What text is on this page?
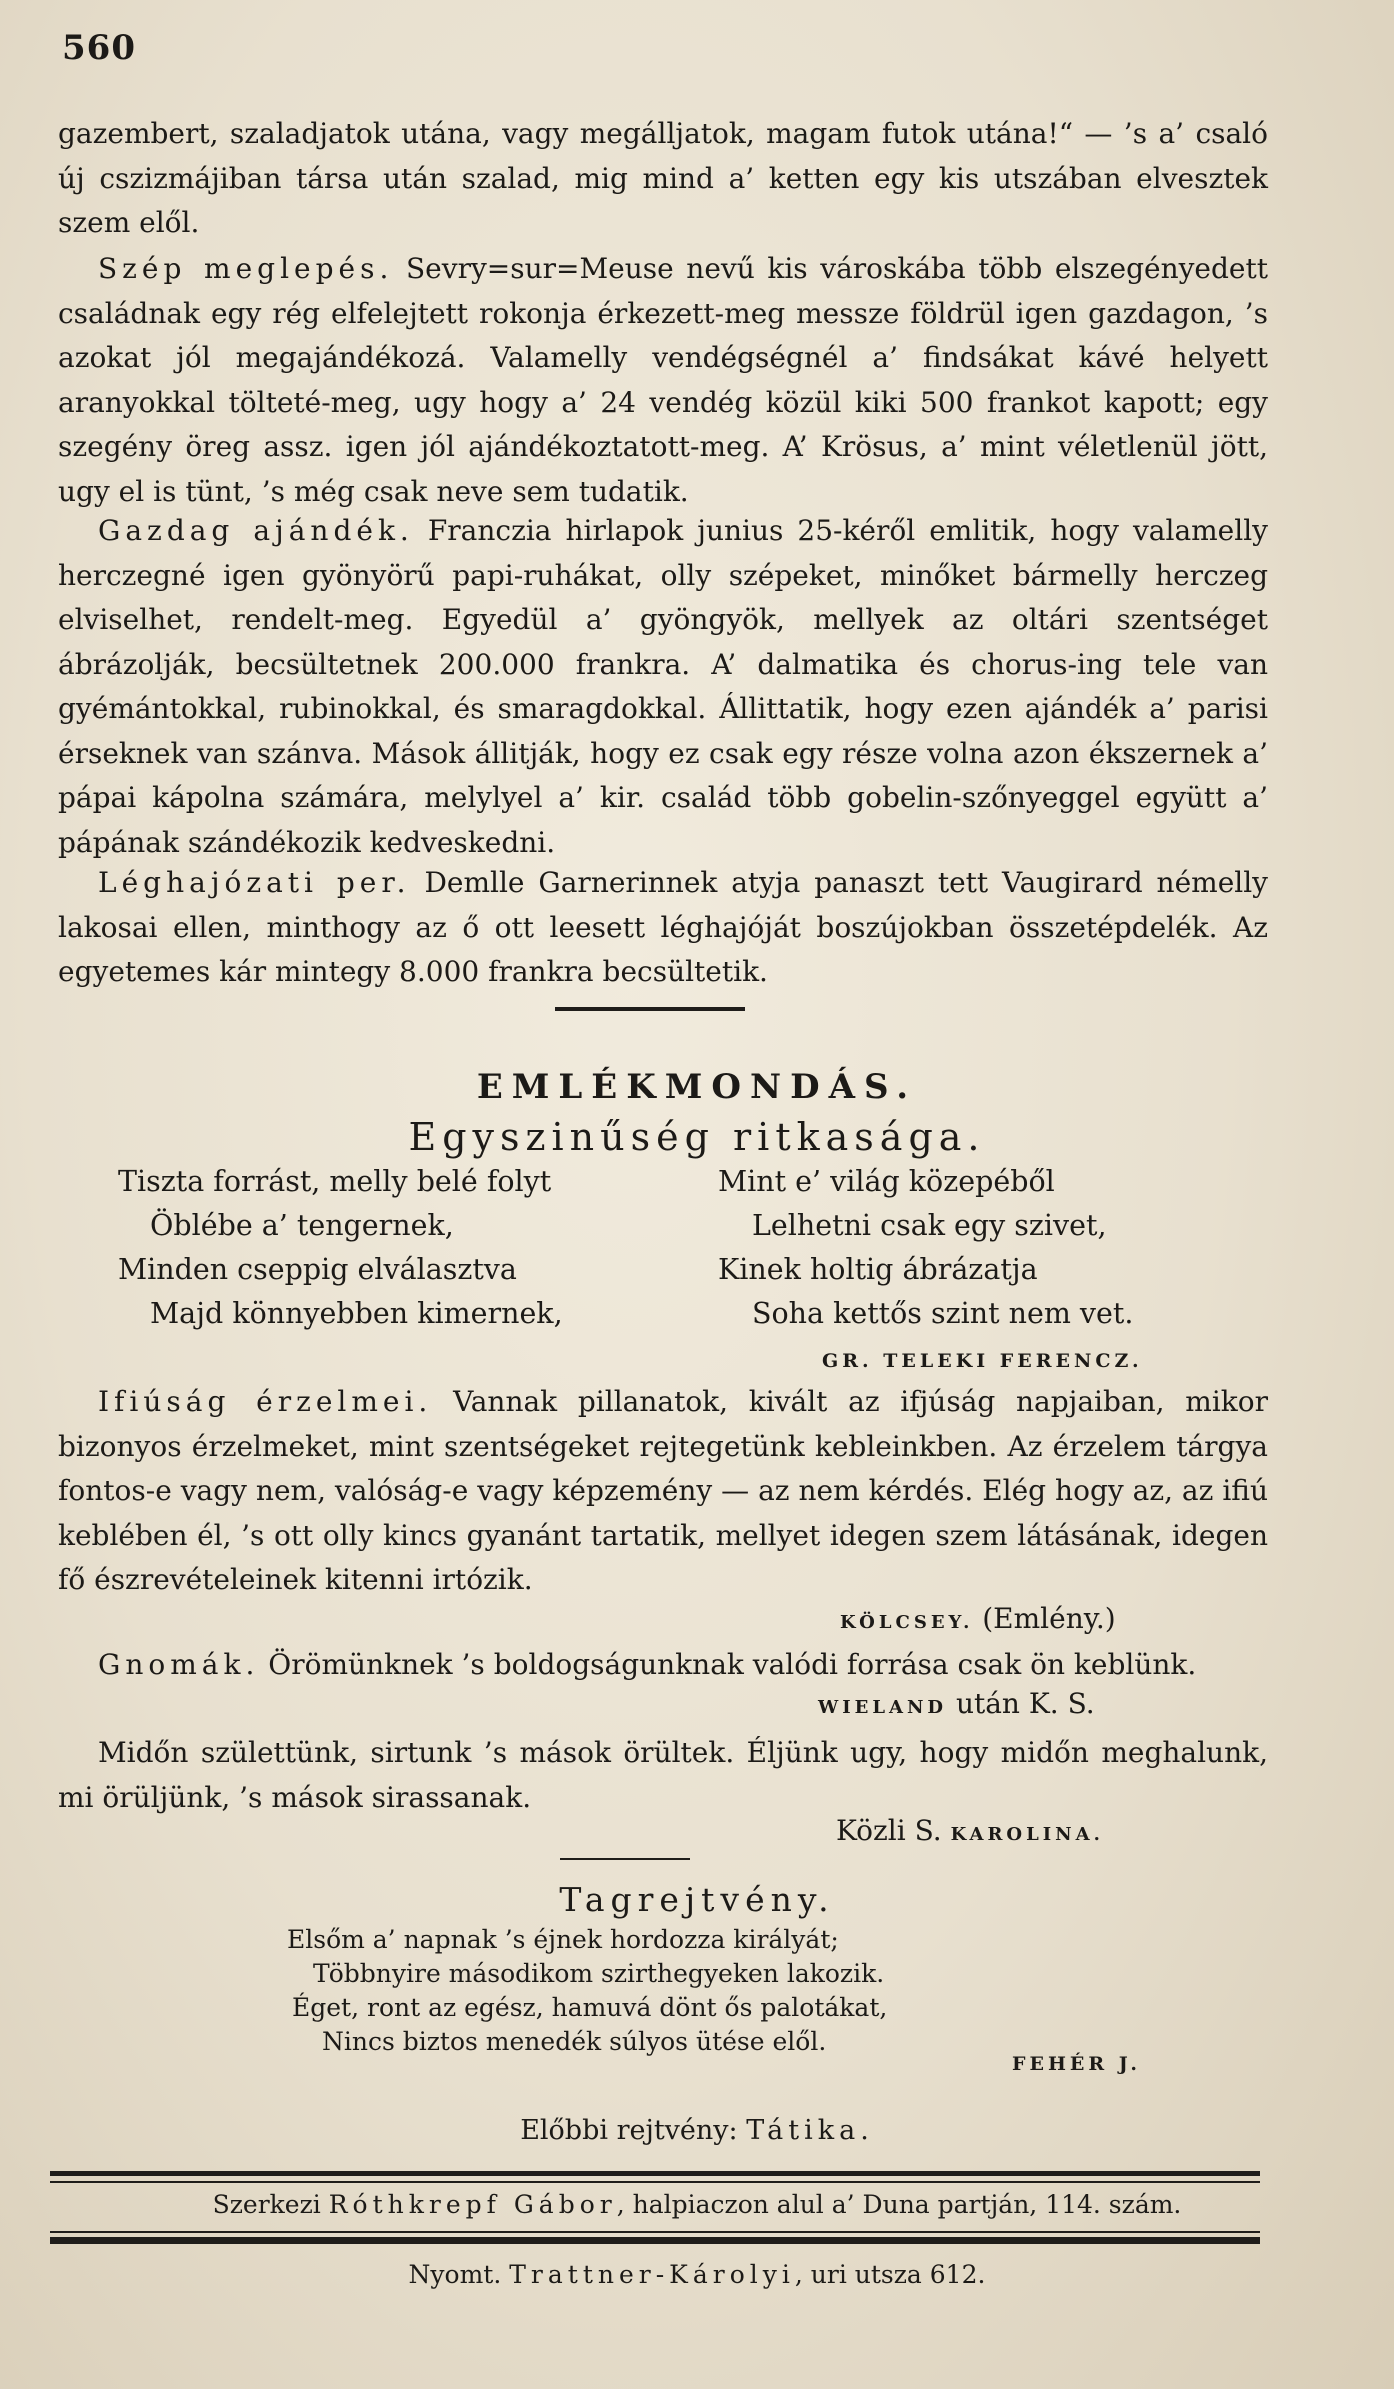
560

gazembert, szaladjatok utána, vagy megálljatok, magam futok utána!“ — ’s a’ csaló új cszizmájiban társa után szalad, mig mind a’ ketten egy kis utszában elvesztek szem elől.

Szép meglepés. Sevry=sur=Meuse nevű kis városkába több elszegényedett családnak egy rég elfelejtett rokonja érkezett-meg messze földrül igen gazdagon, ’s azokat jól megajándékozá. Valamelly vendégségnél a’ findsákat kávé helyett aranyokkal tölteté-meg, ugy hogy a’ 24 vendég közül kiki 500 frankot kapott; egy szegény öreg assz. igen jól ajándékoztatott-meg. A’ Krösus, a’ mint véletlenül jött, ugy el is tünt, ’s még csak neve sem tudatik.

Gazdag ajándék. Franczia hirlapok junius 25-kéről emlitik, hogy valamelly herczegné igen gyönyörű papi-ruhákat, olly szépeket, minőket bármelly herczeg elviselhet, rendelt-meg. Egyedül a’ gyöngyök, mellyek az oltári szentséget ábrázolják, becsültetnek 200.000 frankra. A’ dalmatika és chorus-ing tele van gyémántokkal, rubinokkal, és smaragdokkal. Állittatik, hogy ezen ajándék a’ parisi érseknek van szánva. Mások állitják, hogy ez csak egy része volna azon ékszernek a’ pápai kápolna számára, melylyel a’ kir. család több gobelin-szőnyeggel együtt a’ pápának szándékozik kedveskedni.

Léghajózati per. Demlle Garnerinnek atyja panaszt tett Vaugirard némelly lakosai ellen, minthogy az ő ott leesett léghajóját boszújokban összetépdelék. Az egyetemes kár mintegy 8.000 frankra becsültetik.

EMLÉKMONDÁS.
Egyszinűség ritkasága.
Tiszta forrást, melly belé folyt
Öblébe a’ tengernek,
Minden cseppig elválasztva
Majd könnyebben kimernek,
Mint e’ világ közepéből
Lelhetni csak egy szivet,
Kinek holtig ábrázatja
Soha kettős szint nem vet.
GR. TELEKI FERENCZ.

Ifiúság érzelmei. Vannak pillanatok, kivált az ifjúság napjaiban, mikor bizonyos érzelmeket, mint szentségeket rejtegetünk kebleinkben. Az érzelem tárgya fontos-e vagy nem, valóság-e vagy képzemény — az nem kérdés. Elég hogy az, az ifiú keblében él, ’s ott olly kincs gyanánt tartatik, mellyet idegen szem látásának, idegen fő észrevételeinek kitenni irtózik.

KÖLCSEY. (Emlény.)

Gnomák. Örömünknek ’s boldogságunknak valódi forrása csak ön keblünk.

WIELAND után K. S.

Midőn születtünk, sirtunk ’s mások örültek. Éljünk ugy, hogy midőn meghalunk, mi örüljünk, ’s mások sirassanak.

Közli S. KAROLINA.
Tagrejtvény.
Elsőm a’ napnak ’s éjnek hordozza királyát;
Többnyire másodikom szirthegyeken lakozik.
Éget, ront az egész, hamuvá dönt ős palotákat,
Nincs biztos menedék súlyos ütése elől.
FEHÉR J.
Előbbi rejtvény: Tátika.
Szerkezi Róthkrepf Gábor, halpiaczon alul a’ Duna partján, 114. szám.
Nyomt. Trattner-Károlyi, uri utsza 612.
